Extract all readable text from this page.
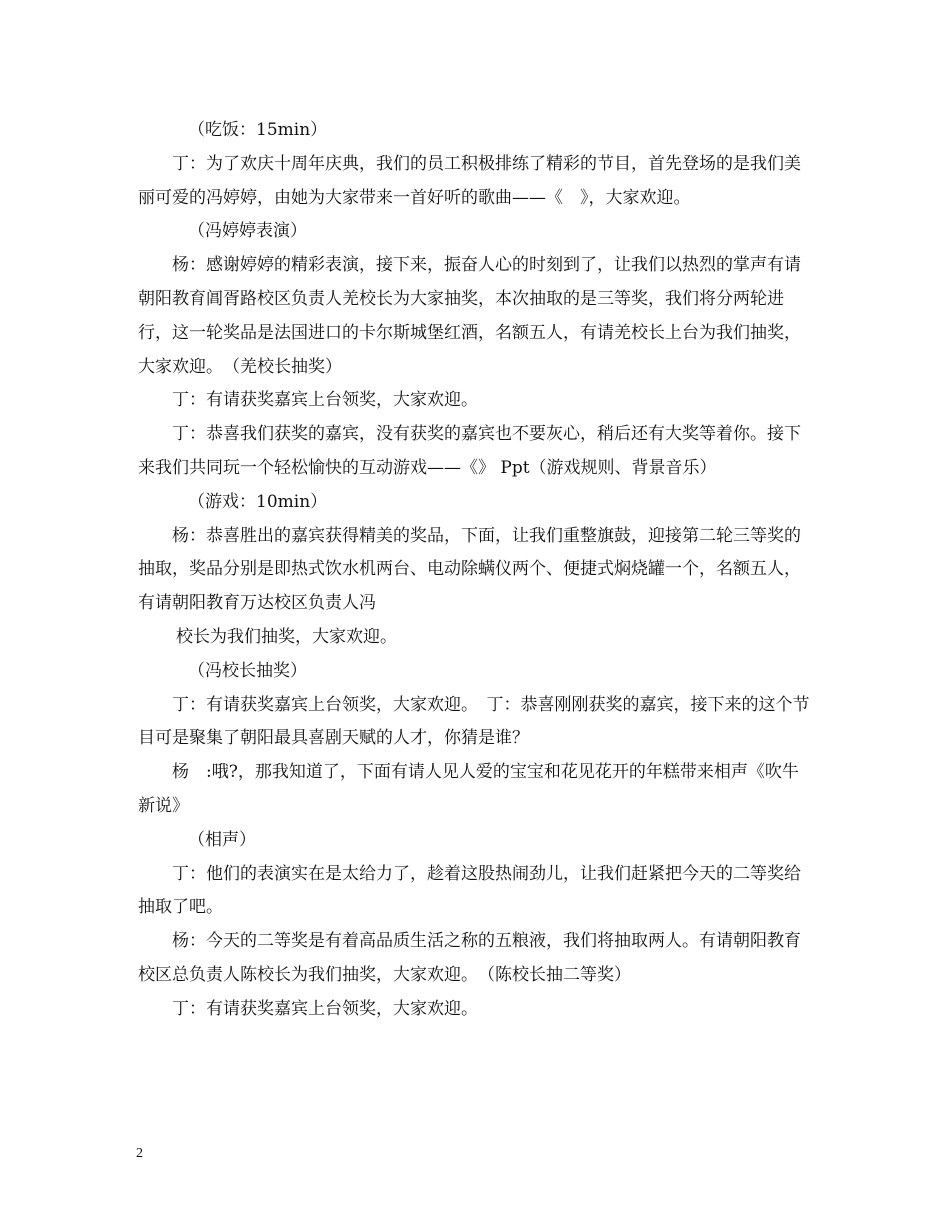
（吃饭：15min）

丁：为了欢庆十周年庆典，我们的员工积极排练了精彩的节目，首先登场的是我们美丽可爱的冯婷婷，由她为大家带来一首好听的歌曲——《　》，大家欢迎。

（冯婷婷表演）

杨：感谢婷婷的精彩表演，接下来，振奋人心的时刻到了，让我们以热烈的掌声有请朝阳教育阊胥路校区负责人羌校长为大家抽奖，本次抽取的是三等奖，我们将分两轮进行，这一轮奖品是法国进口的卡尔斯城堡红酒，名额五人，有请羌校长上台为我们抽奖，大家欢迎。　（羌校长抽奖）

丁：有请获奖嘉宾上台领奖，大家欢迎。

丁：恭喜我们获奖的嘉宾，没有获奖的嘉宾也不要灰心，稍后还有大奖等着你。接下来我们共同玩一个轻松愉快的互动游戏——《》 Ppt（游戏规则、背景音乐）

（游戏：10min）

杨：恭喜胜出的嘉宾获得精美的奖品，下面，让我们重整旗鼓，迎接第二轮三等奖的抽取，奖品分别是即热式饮水机两台、电动除螨仪两个、便捷式焖烧罐一个，名额五人，有请朝阳教育万达校区负责人冯

校长为我们抽奖，大家欢迎。

（冯校长抽奖）

丁：有请获奖嘉宾上台领奖，大家欢迎。　丁：恭喜刚刚获奖的嘉宾，接下来的这个节目可是聚集了朝阳最具喜剧天赋的人才，你猜是谁？

杨　:哦?，那我知道了，下面有请人见人爱的宝宝和花见花开的年糕带来相声《吹牛新说》

（相声）

丁：他们的表演实在是太给力了，趁着这股热闹劲儿，让我们赶紧把今天的二等奖给抽取了吧。

杨：今天的二等奖是有着高品质生活之称的五粮液，我们将抽取两人。有请朝阳教育校区总负责人陈校长为我们抽奖，大家欢迎。　（陈校长抽二等奖）

丁：有请获奖嘉宾上台领奖，大家欢迎。

2
